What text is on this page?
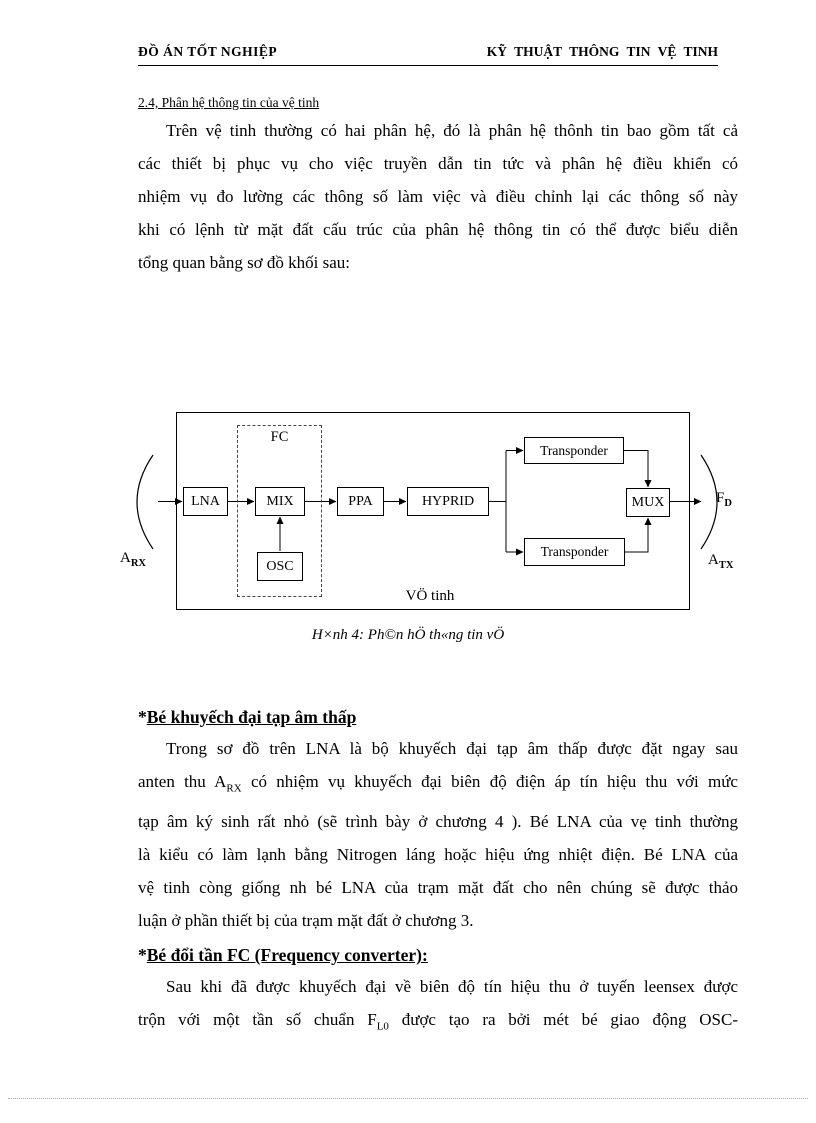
ĐỒ ÁN TỐT NGHIỆP	KỸ THUẬT THÔNG TIN VỆ TINH
2.4, Phân hệ thông tin của vệ tinh
Trên vệ tinh thường có hai phân hệ, đó là phân hệ thônh tin bao gồm tất cả
các thiết bị phục vụ cho việc truyền dẫn tin tức và phân hệ điều khiển có
nhiệm vụ đo lường các thông số làm việc và điều chỉnh lại các thông số này
khi có lệnh từ mặt đất cấu trúc của phân hệ thông tin có thể được biểu diễn
tổng quan bằng sơ đồ khối sau:
FC
LNA	MIX
OSC
PPA	HYPRID
Transponder
Transponder
MUX	$F_D$
$A_{RX}$	$A_{TX}$
VÖ tinh
H×nh 4: Ph©n hÖ th«ng tin vÖ
*Bé khuyếch đại tạp âm thấp
Trong sơ đồ trên LNA là bộ khuyếch đại tạp âm thấp được đặt ngay sau
anten thu $A_{RX}$ có nhiệm vụ khuyếch đại biên độ điện áp tín hiệu thu với mức
tạp âm ký sinh rất nhỏ (sẽ trình bày ở chương 4 ). Bé LNA của vẹ tinh thường
là kiểu có làm lạnh bằng Nitrogen láng hoặc hiệu ứng nhiệt điện. Bé LNA của
vệ tinh còng giống nh bé LNA của trạm mặt đất cho nên chúng sẽ được thảo
luận ở phần thiết bị của trạm mặt đất ở chương 3.
*Bé đổi tần FC (Frequency converter):
Sau khi đã được khuyếch đại về biên độ tín hiệu thu ở tuyến leensex được
trộn với một tần số chuẩn $F_{L0}$ được tạo ra bởi mét bé giao động OSC-
